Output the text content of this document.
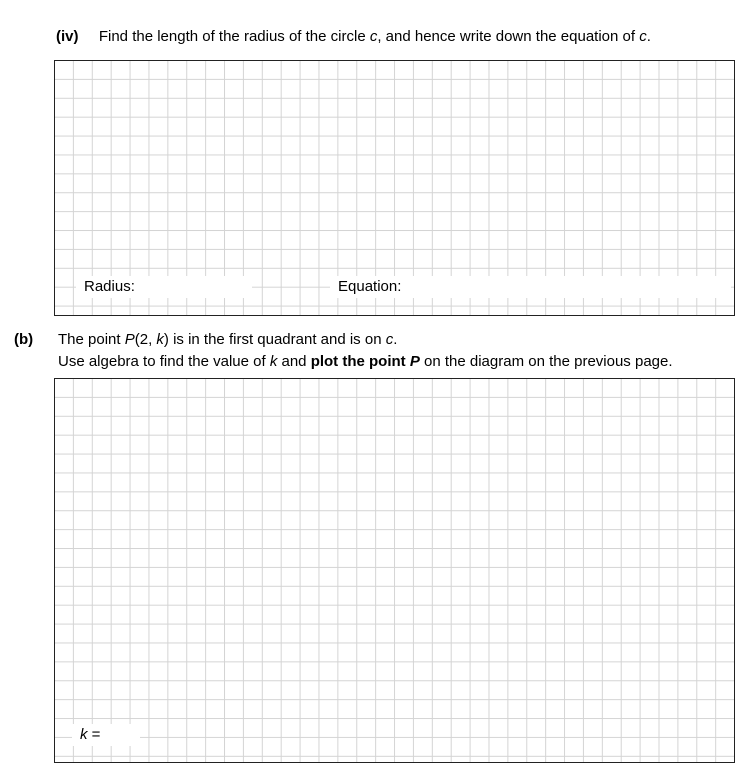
(iv) Find the length of the radius of the circle c, and hence write down the equation of c.
Radius:	Equation:
(b) The point P(2, k) is in the first quadrant and is on c.
Use algebra to find the value of k and plot the point P on the diagram on the previous page.
k =
